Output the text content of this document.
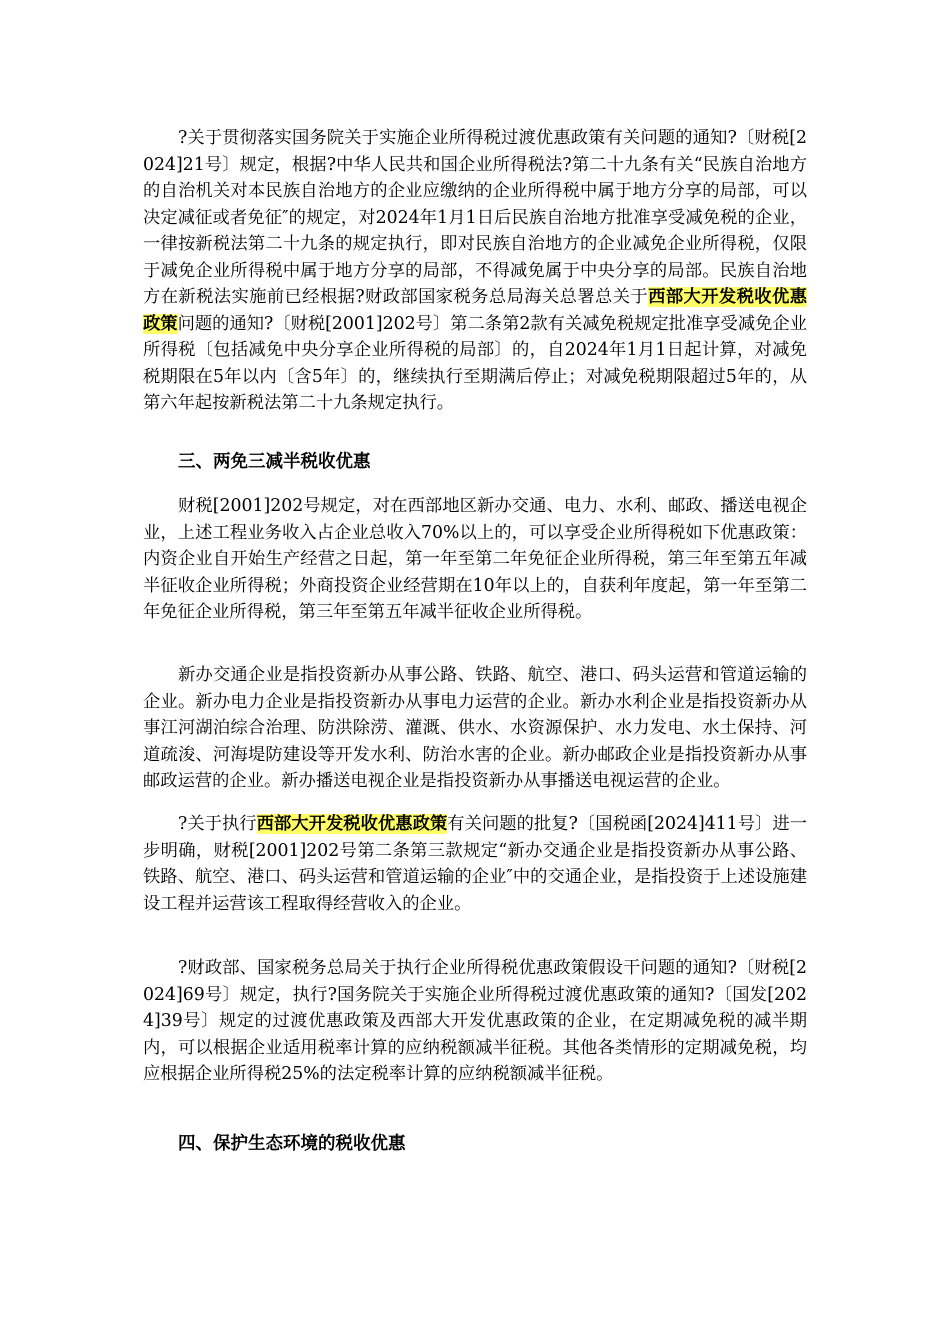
?关于贯彻落实国务院关于实施企业所得税过渡优惠政策有关问题的通知?〔财税[2024]21号〕规定，根据?中华人民共和国企业所得税法?第二十九条有关“民族自治地方的自治机关对本民族自治地方的企业应缴纳的企业所得税中属于地方分享的局部，可以决定减征或者免征″的规定，对2024年1月1日后民族自治地方批准享受减免税的企业，一律按新税法第二十九条的规定执行，即对民族自治地方的企业减免企业所得税，仅限于减免企业所得税中属于地方分享的局部，不得减免属于中央分享的局部。民族自治地方在新税法实施前已经根据?财政部国家税务总局海关总署总关于西部大开发税收优惠政策问题的通知?〔财税[2001]202号〕第二条第2款有关减免税规定批准享受减免企业所得税〔包括减免中央分享企业所得税的局部〕的，自2024年1月1日起计算，对减免税期限在5年以内〔含5年〕的，继续执行至期满后停止；对减免税期限超过5年的，从第六年起按新税法第二十九条规定执行。

三、两免三减半税收优惠

财税[2001]202号规定，对在西部地区新办交通、电力、水利、邮政、播送电视企业，上述工程业务收入占企业总收入70%以上的，可以享受企业所得税如下优惠政策：内资企业自开始生产经营之日起，第一年至第二年免征企业所得税，第三年至第五年减半征收企业所得税；外商投资企业经营期在10年以上的，自获利年度起，第一年至第二年免征企业所得税，第三年至第五年减半征收企业所得税。

新办交通企业是指投资新办从事公路、铁路、航空、港口、码头运营和管道运输的企业。新办电力企业是指投资新办从事电力运营的企业。新办水利企业是指投资新办从事江河湖泊综合治理、防洪除涝、灌溉、供水、水资源保护、水力发电、水土保持、河道疏浚、河海堤防建设等开发水利、防治水害的企业。新办邮政企业是指投资新办从事邮政运营的企业。新办播送电视企业是指投资新办从事播送电视运营的企业。

?关于执行西部大开发税收优惠政策有关问题的批复?〔国税函[2024]411号〕进一步明确，财税[2001]202号第二条第三款规定“新办交通企业是指投资新办从事公路、铁路、航空、港口、码头运营和管道运输的企业″中的交通企业，是指投资于上述设施建设工程并运营该工程取得经营收入的企业。

?财政部、国家税务总局关于执行企业所得税优惠政策假设干问题的通知?〔财税[2024]69号〕规定，执行?国务院关于实施企业所得税过渡优惠政策的通知?〔国发[2024]39号〕规定的过渡优惠政策及西部大开发优惠政策的企业，在定期减免税的减半期内，可以根据企业适用税率计算的应纳税额减半征税。其他各类情形的定期减免税，均应根据企业所得税25%的法定税率计算的应纳税额减半征税。

四、保护生态环境的税收优惠
